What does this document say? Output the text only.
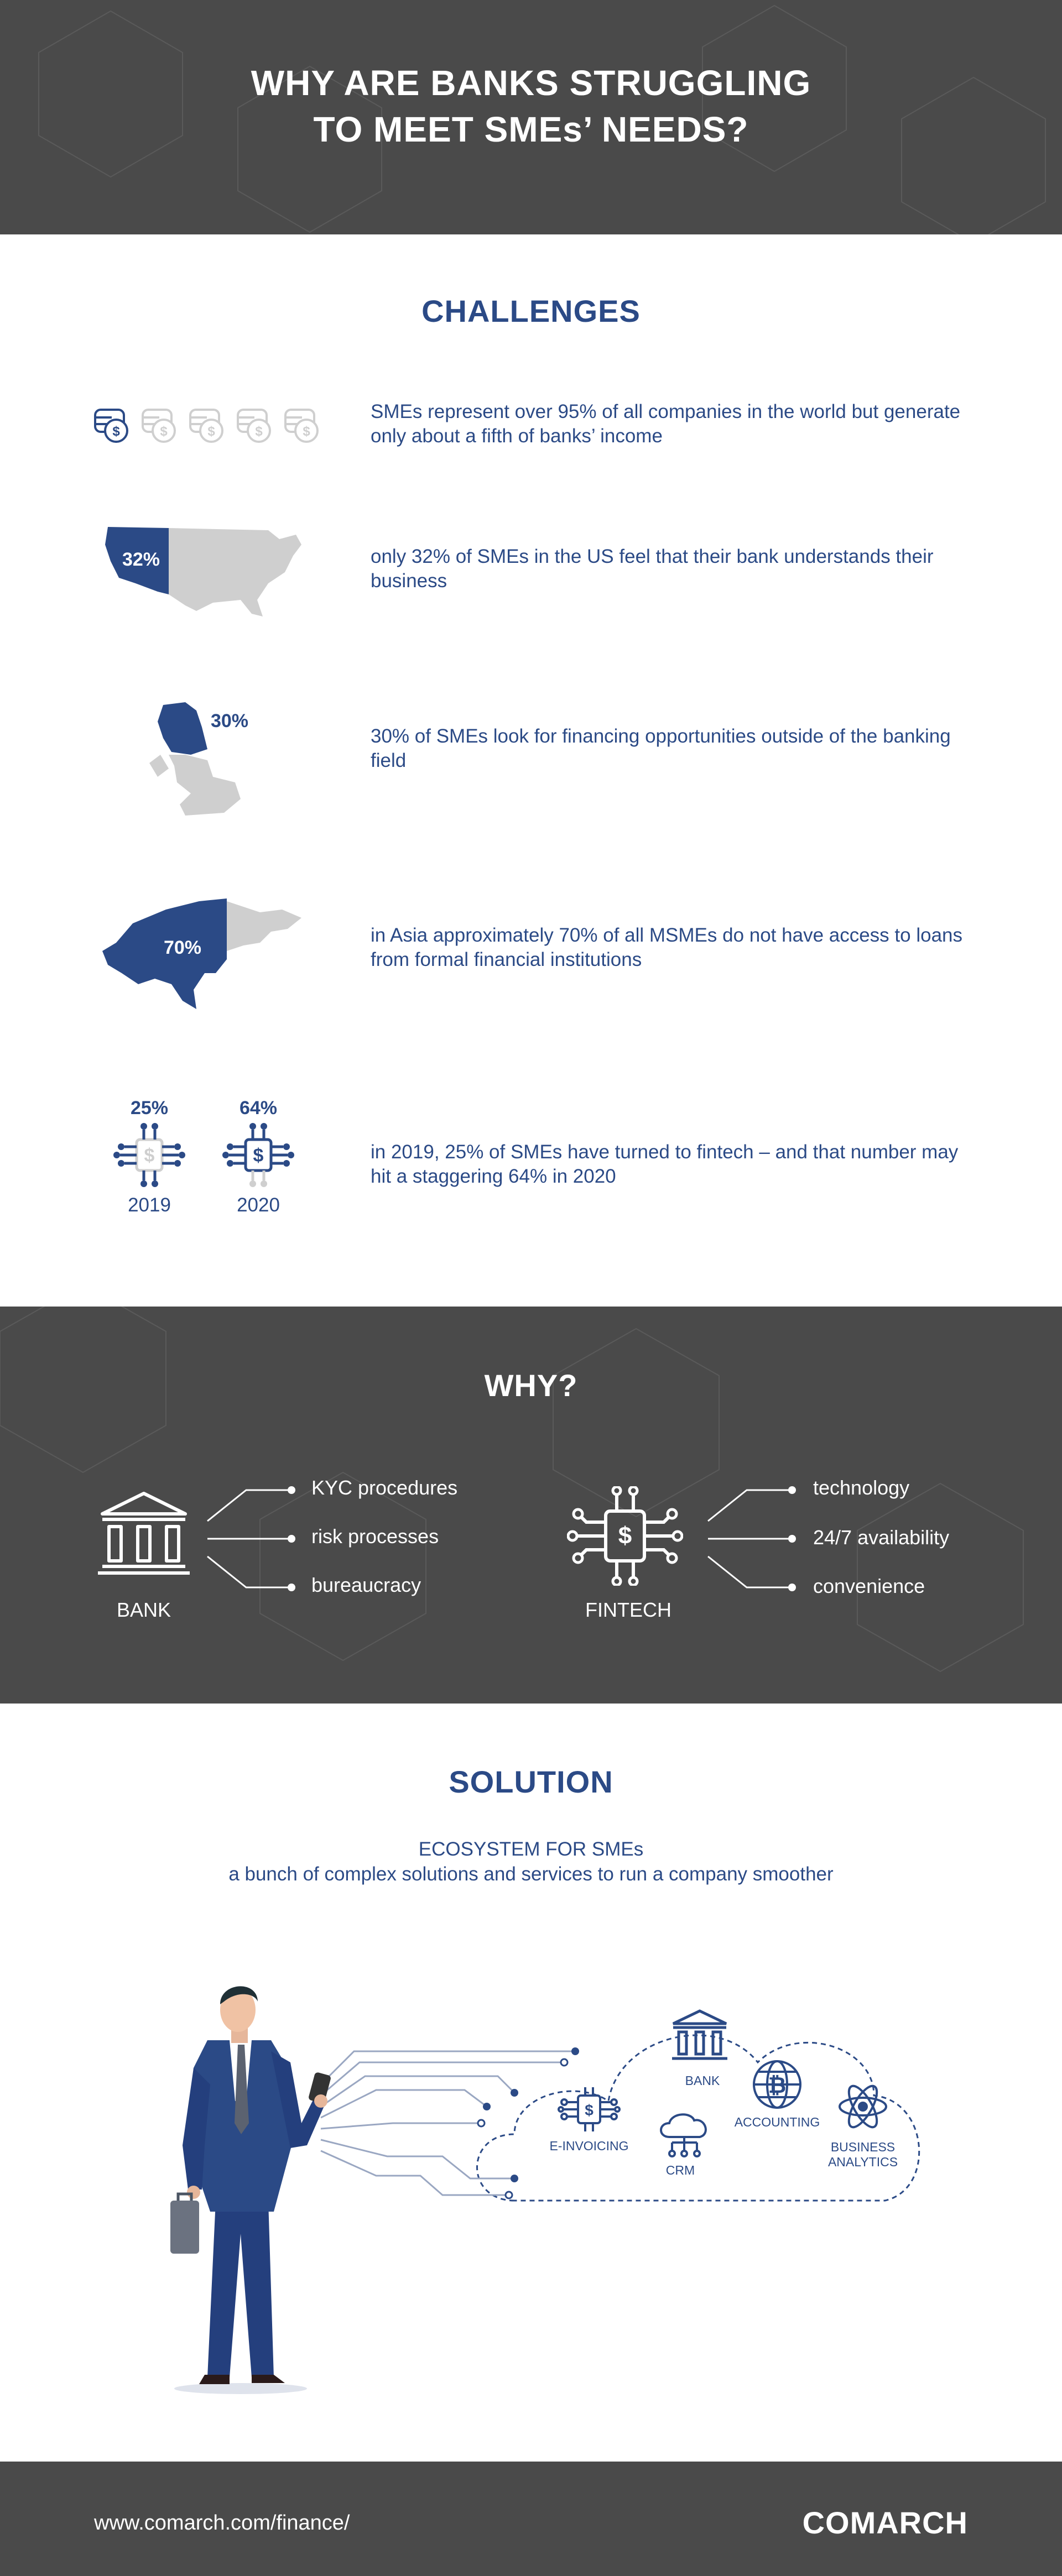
WHY ARE BANKS STRUGGLING
TO MEET SMEs’ NEEDS?
CHALLENGES
$	$	$	$	$
SMEs represent over 95% of all companies in the world but generate only about a fifth of banks’ income
32%	only 32% of SMEs in the US feel that their bank understands their business
30%
30% of SMEs look for financing opportunities outside of the banking field
70%
in Asia approximately 70% of all MSMEs do not have access to loans from formal financial institutions
25%
$
2019
64%
$
2020
in 2019, 25% of SMEs have turned to fintech – and that number may hit a staggering 64% in 2020
WHY?
BANK
KYC procedures
risk processes
bureaucracy
$
FINTECH
technology
24/7 availability
convenience
SOLUTION
ECOSYSTEM FOR SMEs
a bunch of complex solutions and services to run a company smoother
$
₿
BANK
E-INVOICING
ACCOUNTING
CRM
BUSINESS
ANALYTICS
www.comarch.com/finance/	COMARCH
